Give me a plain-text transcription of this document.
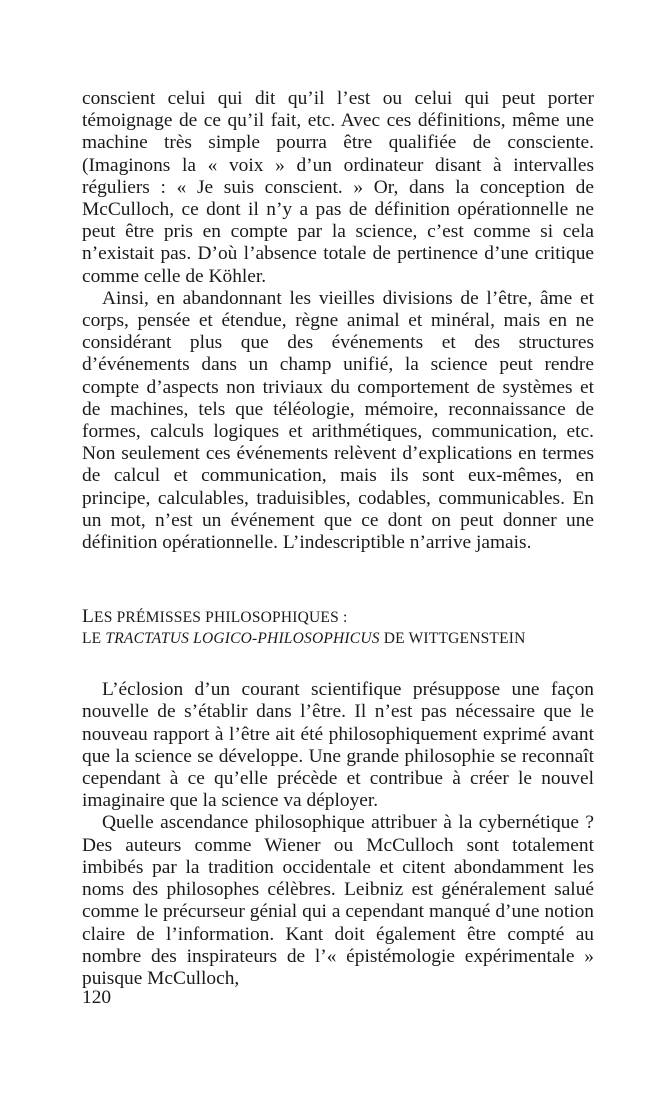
conscient celui qui dit qu’il l’est ou celui qui peut porter témoignage de ce qu’il fait, etc. Avec ces définitions, même une machine très simple pourra être qualifiée de consciente. (Imaginons la « voix » d’un ordinateur disant à intervalles réguliers : « Je suis conscient. » Or, dans la conception de McCulloch, ce dont il n’y a pas de définition opérationnelle ne peut être pris en compte par la science, c’est comme si cela n’existait pas. D’où l’absence totale de pertinence d’une critique comme celle de Köhler.

Ainsi, en abandonnant les vieilles divisions de l’être, âme et corps, pensée et étendue, règne animal et minéral, mais en ne considérant plus que des événements et des structures d’événements dans un champ unifié, la science peut rendre compte d’aspects non triviaux du comportement de systèmes et de machines, tels que téléologie, mémoire, reconnaissance de formes, calculs logiques et arithmétiques, communication, etc. Non seulement ces événements relèvent d’explications en termes de calcul et communication, mais ils sont eux-mêmes, en principe, calculables, traduisibles, codables, communicables. En un mot, n’est un événement que ce dont on peut donner une définition opérationnelle. L’indescriptible n’arrive jamais.

LES PRÉMISSES PHILOSOPHIQUES :
LE TRACTATUS LOGICO-PHILOSOPHICUS DE WITTGENSTEIN

L’éclosion d’un courant scientifique présuppose une façon nouvelle de s’établir dans l’être. Il n’est pas nécessaire que le nouveau rapport à l’être ait été philosophiquement exprimé avant que la science se développe. Une grande philosophie se reconnaît cependant à ce qu’elle précède et contribue à créer le nouvel imaginaire que la science va déployer.

Quelle ascendance philosophique attribuer à la cybernétique ? Des auteurs comme Wiener ou McCulloch sont totalement imbibés par la tradition occidentale et citent abondamment les noms des philosophes célèbres. Leibniz est généralement salué comme le précurseur génial qui a cependant manqué d’une notion claire de l’information. Kant doit également être compté au nombre des inspirateurs de l’« épistémologie expérimentale » puisque McCulloch,

120
